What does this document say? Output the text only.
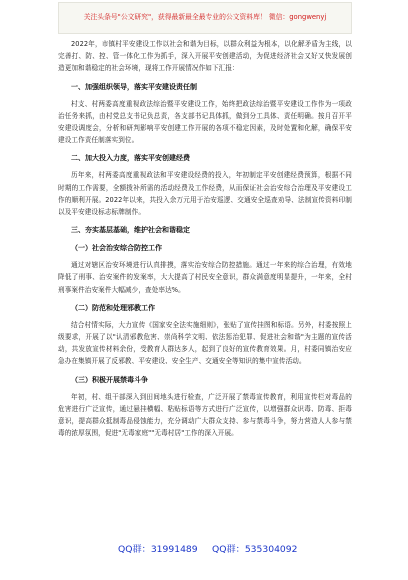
关注头条号"公文研究"，获得最新最全最专业的公文资料库！ 微信：gongwenyj

2022年，市镇村平安建设工作以社会和谐为目标，以群众利益为根本，以化解矛盾为主线，以完善打、防、控、管一体化工作为抓手，深入开展平安创建活动，为促进经济社会又好又快发展创造更加和谐稳定的社会环境，现将工作开展情况作如下汇报：

一、加强组织领导，落实平安建设责任制

村支、村两委高度重视政法综治暨平安建设工作，始终把政法综治暨平安建设工作作为一项政治任务来抓，由村党总支书记负总责，各支部书记具体抓，做到分工具体、责任明确。按月召开平安建设调度会，分析和研判影响平安创建工作开展的各项不稳定因素，及时处置和化解，确保平安建设工作责任制落实到位。

二、加大投入力度，落实平安创建经费

历年来，村两委高度重视政法和平安建设经费的投入，年初制定平安创建经费预算，根据不同时期的工作需要，全额拨补所需的活动经费及工作经费，从而保证社会治安综合治理及平安建设工作的顺利开展。2022年以来，共投入余万元用于治安巡逻、交通安全巡查劝导、法制宣传资料印制以及平安建设标志标牌制作。

三、夯实基层基础，维护社会和谐稳定
（一）社会治安综合防控工作

通过对辖区治安环境进行认真排摸，落实治安综合防控措施。通过一年来的综合治理，有效地降低了刑事、治安案件的发案率，大大提高了村民安全意识，群众满意度明显提升，一年来，全村刑事案件治安案件大幅减少，查处率达%。

（二）防范和处理邪教工作

结合村情实际，大力宣传《国家安全法实施细则》，张贴了宣传挂图和标语。另外，村委按照上级要求，开展了以"认清邪教危害、崇尚科学文明、依法惩治犯罪、促进社会和谐"为主题的宣传活动，共发放宣传材料余份，受教育人群达多人，起到了良好的宣传教育效果。月，村委同镇治安应急办在集镇开展了反邪教、平安建设、安全生产、交通安全等知识的集中宣传活动。

（三）积极开展禁毒斗争

年初，村、组干部深入到田间地头进行检查，广泛开展了禁毒宣传教育，利用宣传栏对毒品的危害进行广泛宣传，通过悬挂横幅、粘贴标语等方式进行广泛宣传，以增强群众识毒、防毒、拒毒意识，提高群众抵制毒品侵蚀能力，充分调动广大群众支持、参与禁毒斗争，努力营造人人参与禁毒的浓厚氛围，促进"无毒家庭""无毒村居"工作的深入开展。

QQ群：31991489 QQ群：535304092
